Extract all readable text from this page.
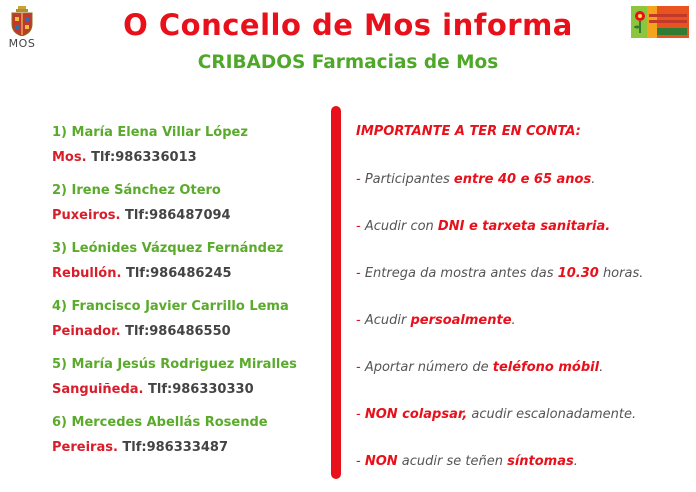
MOS
O Concello de Mos informa
CRIBADOS Farmacias de Mos
1) María Elena Villar López
Mos. Tlf:986336013
2) Irene Sánchez Otero
Puxeiros. Tlf:986487094
3) Leónides Vázquez Fernández
Rebullón. Tlf:986486245
4) Francisco Javier Carrillo Lema
Peinador. Tlf:986486550
5) María Jesús Rodriguez Miralles
Sanguiñeda. Tlf:986330330
6) Mercedes Abellás Rosende
Pereiras. Tlf:986333487
IMPORTANTE A TER EN CONTA:
- Participantes entre 40 e 65 anos.
- Acudir con DNI e tarxeta sanitaria.
- Entrega da mostra antes das 10.30 horas.
- Acudir persoalmente.
- Aportar número de teléfono móbil.
- NON colapsar, acudir escalonadamente.
- NON acudir se teñen síntomas.
